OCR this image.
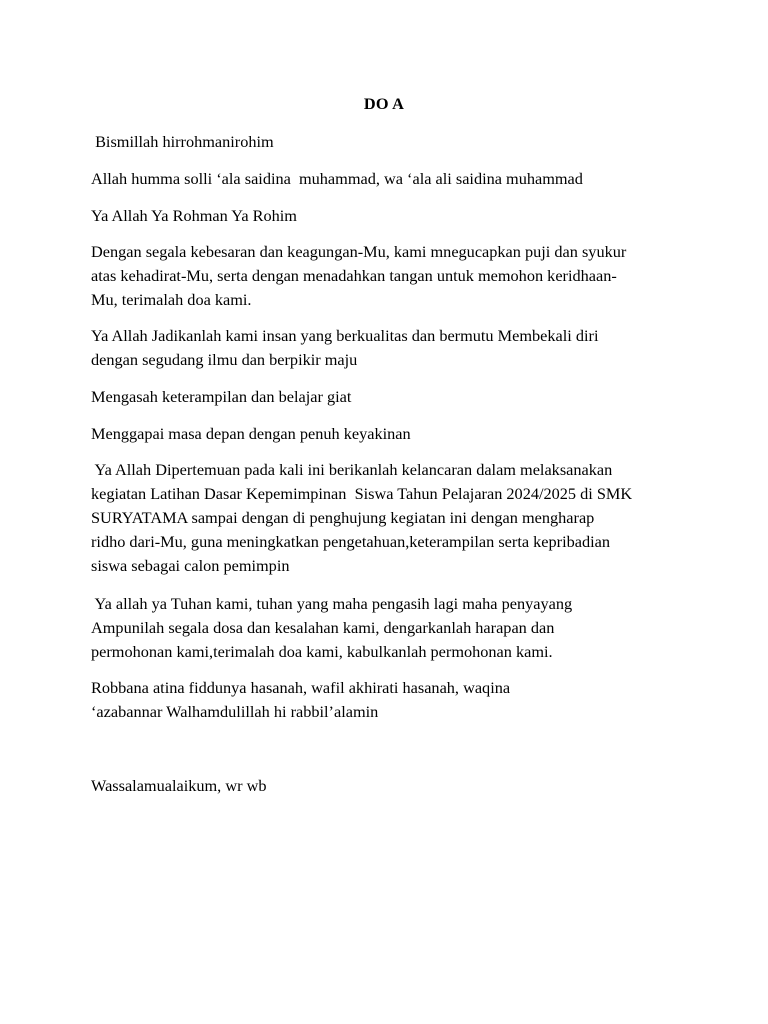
DO A

Bismillah hirrohmanirohim

Allah humma solli ‘ala saidina  muhammad, wa ‘ala ali saidina muhammad

Ya Allah Ya Rohman Ya Rohim

Dengan segala kebesaran dan keagungan-Mu, kami mnegucapkan puji dan syukur
atas kehadirat-Mu, serta dengan menadahkan tangan untuk memohon keridhaan-
Mu, terimalah doa kami.

Ya Allah Jadikanlah kami insan yang berkualitas dan bermutu Membekali diri
dengan segudang ilmu dan berpikir maju

Mengasah keterampilan dan belajar giat

Menggapai masa depan dengan penuh keyakinan

Ya Allah Dipertemuan pada kali ini berikanlah kelancaran dalam melaksanakan
kegiatan Latihan Dasar Kepemimpinan  Siswa Tahun Pelajaran 2024/2025 di SMK
SURYATAMA sampai dengan di penghujung kegiatan ini dengan mengharap
ridho dari-Mu, guna meningkatkan pengetahuan,keterampilan serta kepribadian
siswa sebagai calon pemimpin

Ya allah ya Tuhan kami, tuhan yang maha pengasih lagi maha penyayang
Ampunilah segala dosa dan kesalahan kami, dengarkanlah harapan dan
permohonan kami,terimalah doa kami, kabulkanlah permohonan kami.

Robbana atina fiddunya hasanah, wafil akhirati hasanah, waqina
‘azabannar Walhamdulillah hi rabbil’alamin

Wassalamualaikum, wr wb
